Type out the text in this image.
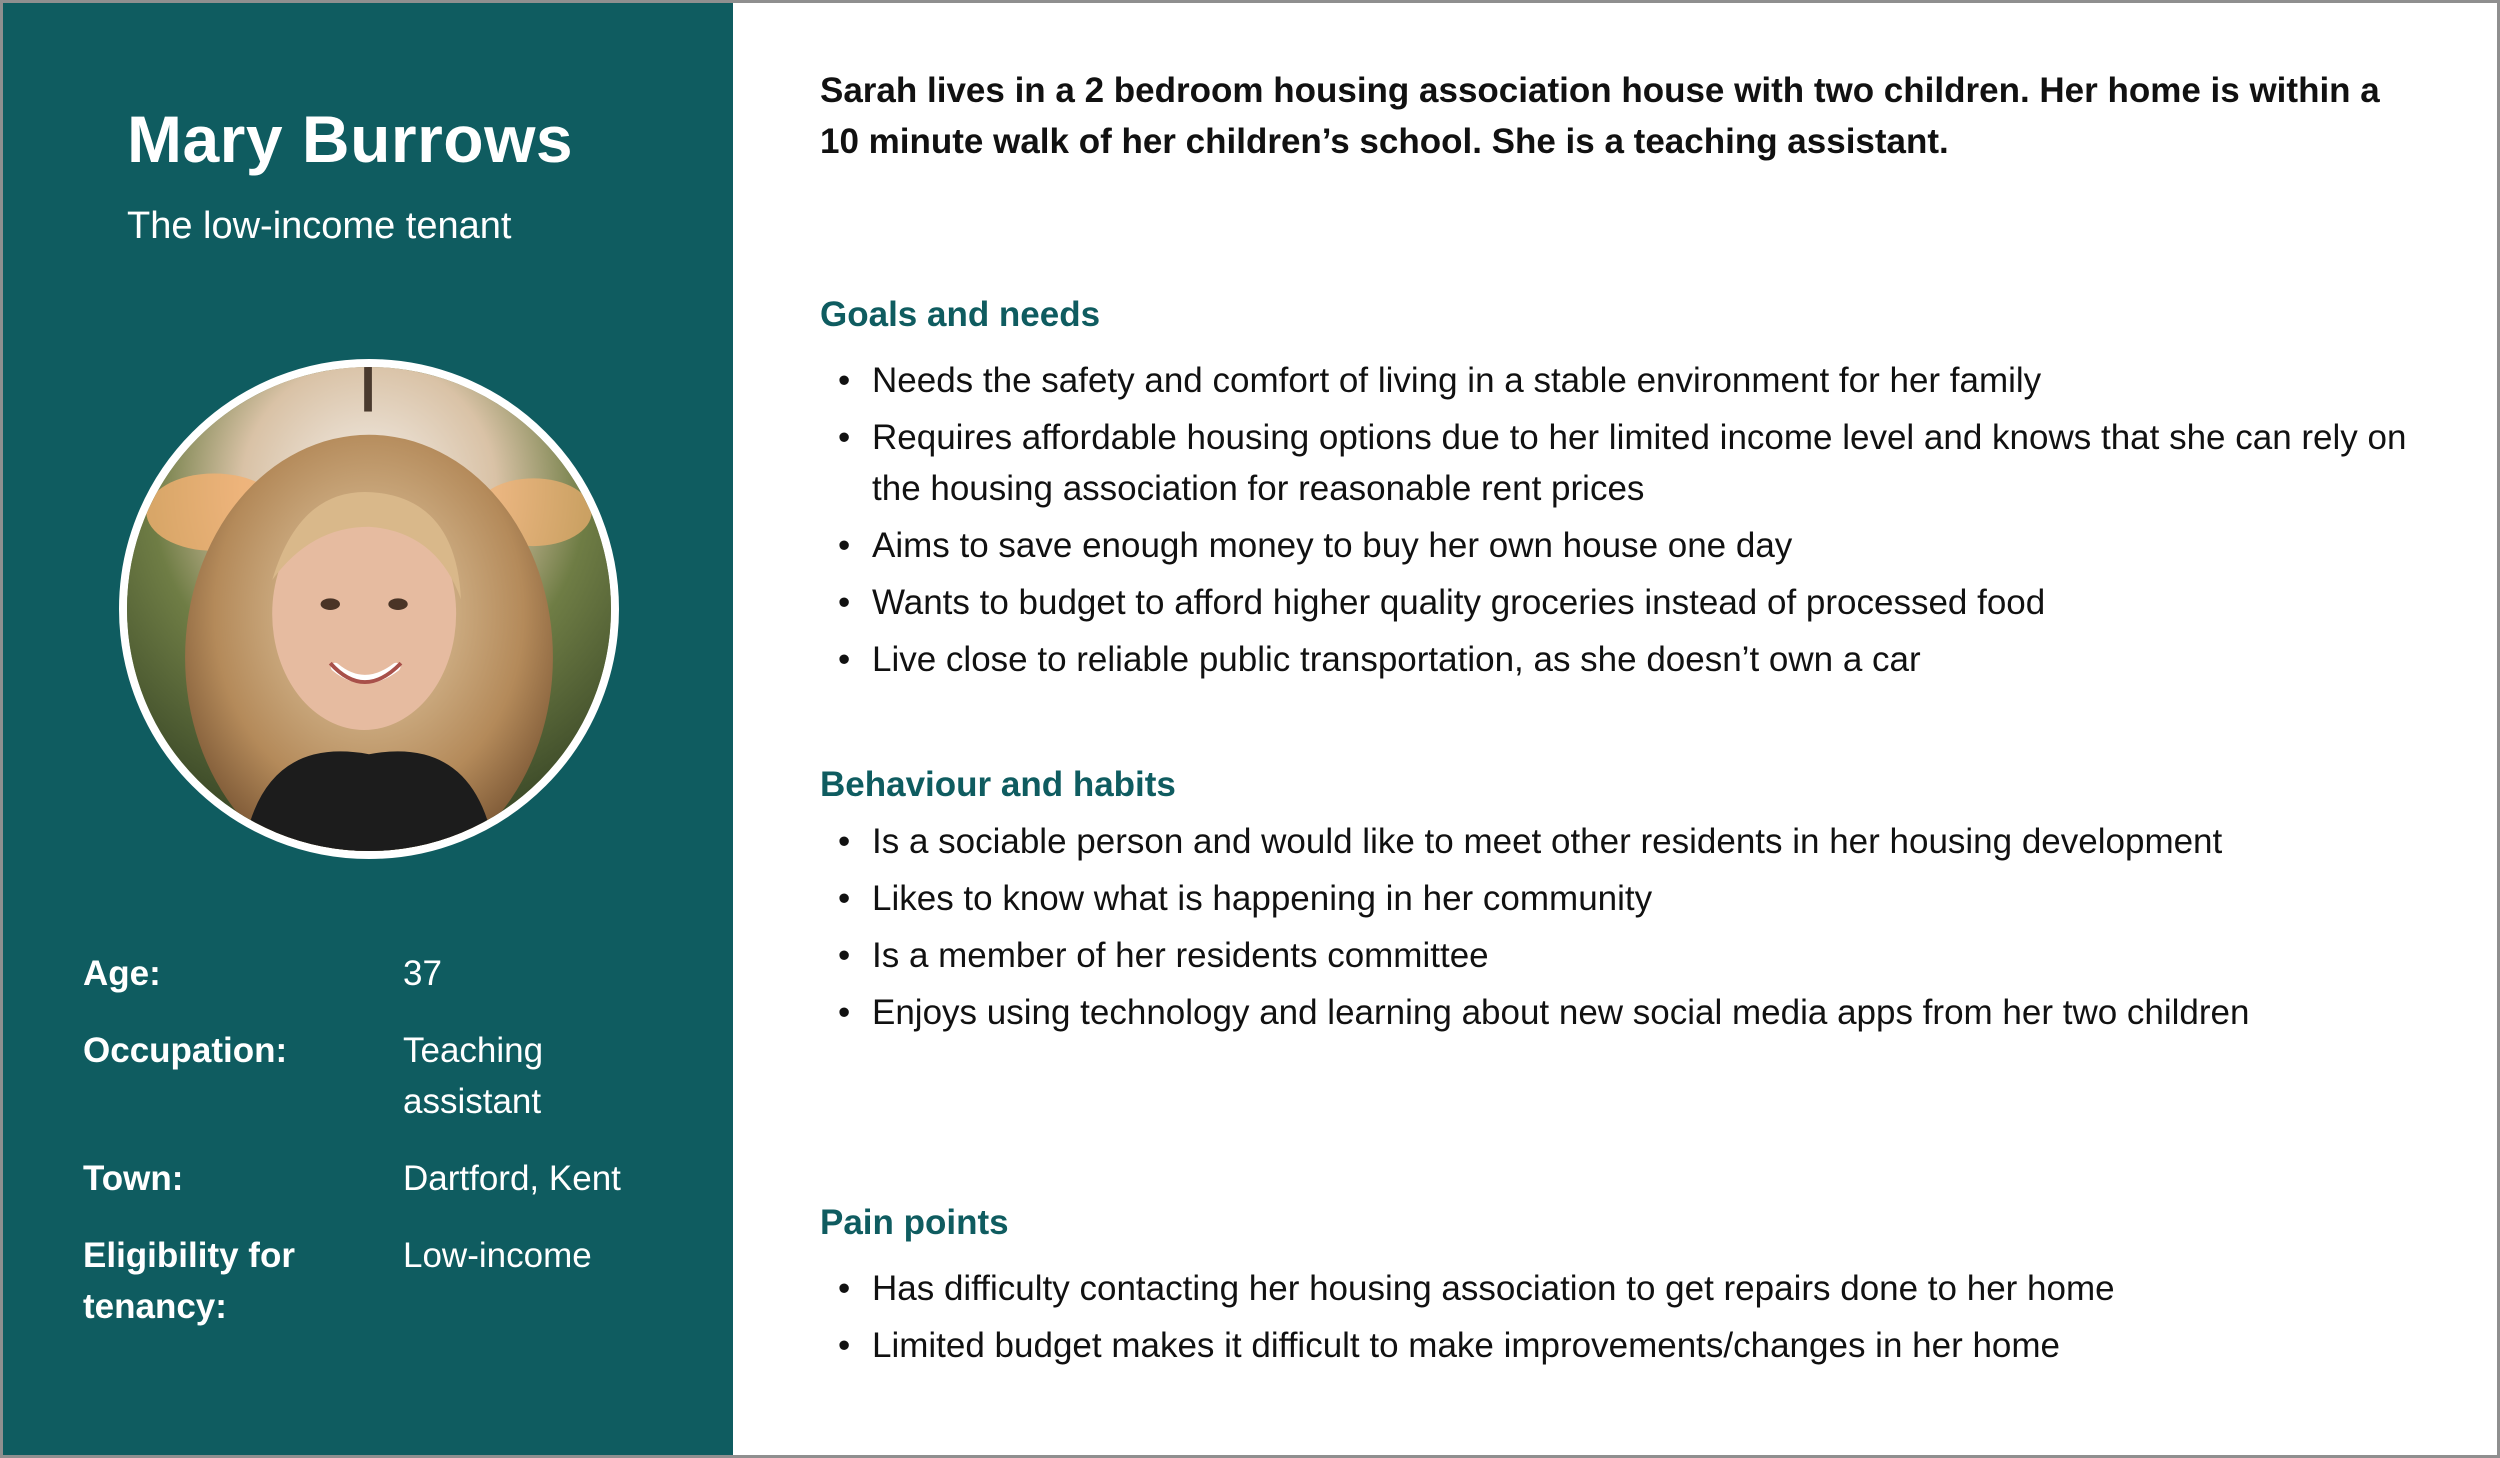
Mary Burrows
The low-income tenant
Age:	37
Occupation:	Teaching assistant
Town:	Dartford, Kent
Eligibility for tenancy:
Low-income

Sarah lives in a 2 bedroom housing association house with two children. Her home is within a 10 minute walk of her children’s school. She is a teaching assistant.

Goals and needs
• Needs the safety and comfort of living in a stable environment for her family
• Requires affordable housing options due to her limited income level and knows that she can rely on the housing association for reasonable rent prices
• Aims to save enough money to buy her own house one day
• Wants to budget to afford higher quality groceries instead of processed food
• Live close to reliable public transportation, as she doesn’t own a car
Behaviour and habits
• Is a sociable person and would like to meet other residents in her housing development
• Likes to know what is happening in her community
• Is a member of her residents committee
• Enjoys using technology and learning about new social media apps from her two children
Pain points
• Has difficulty contacting her housing association to get repairs done to her home
• Limited budget makes it difficult to make improvements/changes in her home
